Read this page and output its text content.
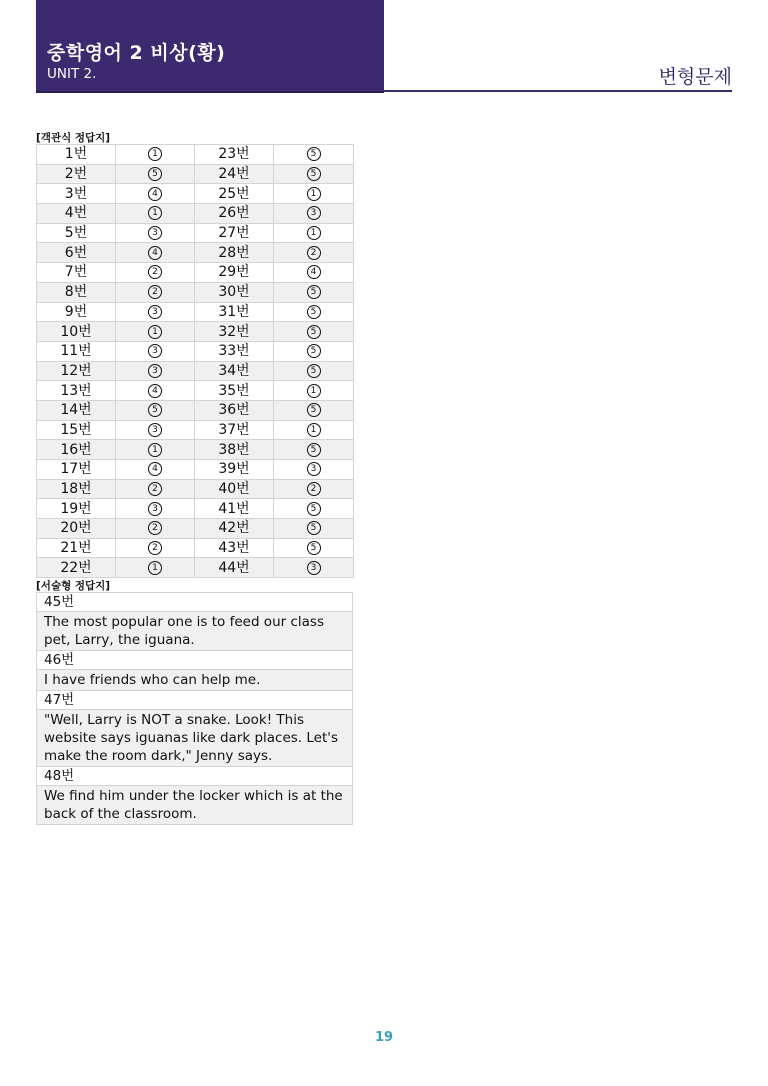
중학영어 2 비상(황)
UNIT 2.	변형문제
[객관식 정답지]
1번	1	23번	5
2번	5	24번	5
3번	4	25번	1
4번	1	26번	3
5번	3	27번	1
6번	4	28번	2
7번	2	29번	4
8번	2	30번	5
9번	3	31번	5
10번	1	32번	5
11번	3	33번	5
12번	3	34번	5
13번	4	35번	1
14번	5	36번	5
15번	3	37번	1
16번	1	38번	5
17번	4	39번	3
18번	2	40번	2
19번	3	41번	5
20번	2	42번	5
21번	2	43번	5
22번	1	44번	3
[서술형 정답지]
45번
The most popular one is to feed our class pet, Larry, the iguana.
46번
I have friends who can help me.
47번
"Well, Larry is NOT a snake. Look! This website says iguanas like dark places. Let's make the room dark," Jenny says.
48번
We find him under the locker which is at the back of the classroom.
19
